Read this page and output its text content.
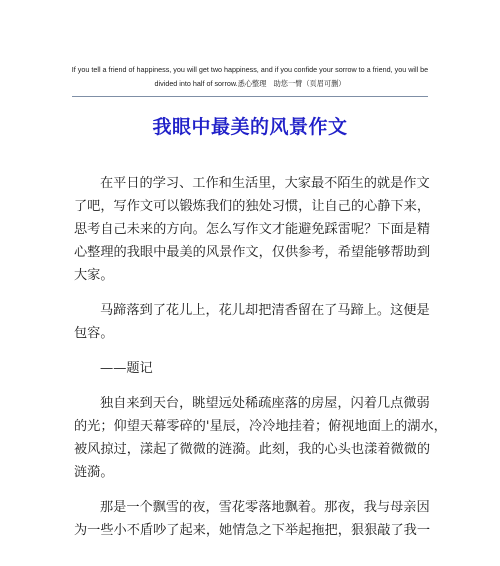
If you tell a friend of happiness, you will get two happiness, and if you confide your sorrow to a friend, you will be
divided into half of sorrow.悉心整理　助您一臂（页眉可删）
我眼中最美的风景作文
在平日的学习、工作和生活里，大家最不陌生的就是作文
了吧，写作文可以锻炼我们的独处习惯，让自己的心静下来，
思考自己未来的方向。怎么写作文才能避免踩雷呢？下面是精
心整理的我眼中最美的风景作文，仅供参考，希望能够帮助到
大家。
马蹄落到了花儿上，花儿却把清香留在了马蹄上。这便是
包容。
——题记
独自来到天台，眺望远处稀疏座落的房屋，闪着几点微弱
的光；仰望天幕零碎的'星辰，冷冷地挂着；俯视地面上的湖水，
被风掠过，漾起了微微的涟漪。此刻，我的心头也漾着微微的
涟漪。
那是一个飘雪的夜，雪花零落地飘着。那夜，我与母亲因
为一些小不盾吵了起来，她情急之下举起拖把，狠狠敲了我一
